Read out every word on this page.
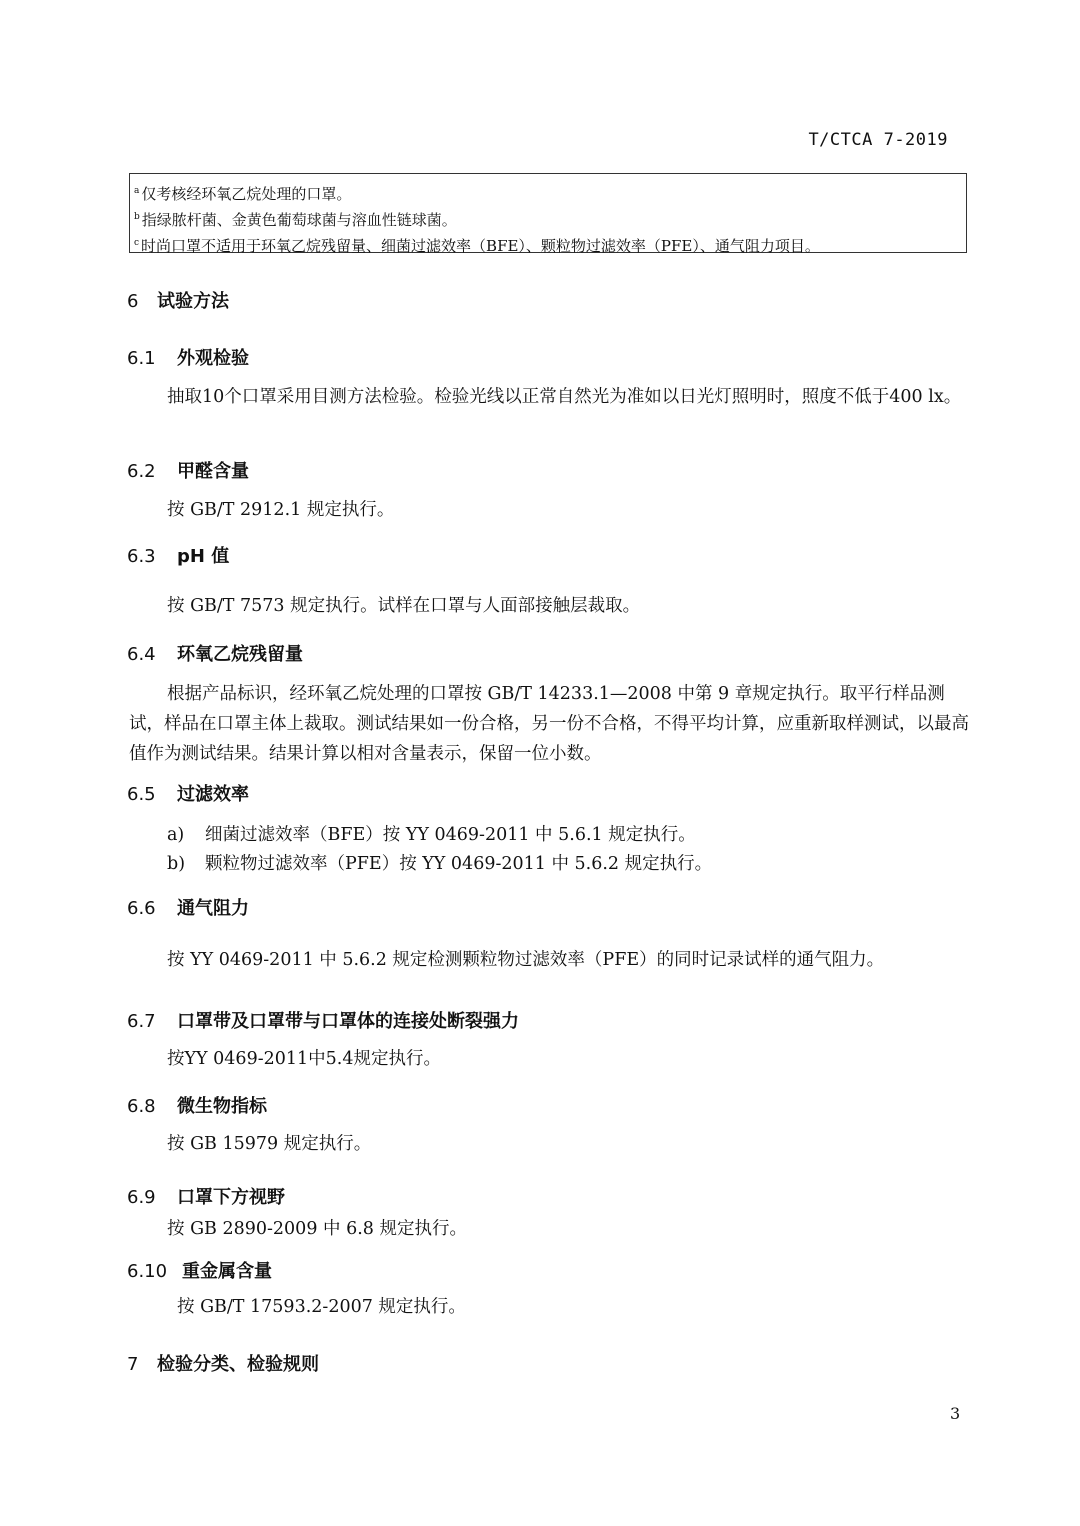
T/CTCA 7-2019
$^a$ 仅考核经环氧乙烷处理的口罩。
$^b$ 指绿脓杆菌、金黄色葡萄球菌与溶血性链球菌。
$^c$ 时尚口罩不适用于环氧乙烷残留量、细菌过滤效率（BFE）、颗粒物过滤效率（PFE）、通气阻力项目。
6 试验方法
6.1 外观检验
抽取10个口罩采用目测方法检验。检验光线以正常自然光为准如以日光灯照明时，照度不低于400 lx。
6.2 甲醛含量
按 GB/T 2912.1 规定执行。
6.3 pH 值
按 GB/T 7573 规定执行。试样在口罩与人面部接触层裁取。
6.4 环氧乙烷残留量
根据产品标识，经环氧乙烷处理的口罩按 GB/T 14233.1—2008 中第 9 章规定执行。取平行样品测试，样品在口罩主体上裁取。测试结果如一份合格，另一份不合格，不得平均计算，应重新取样测试，以最高值作为测试结果。结果计算以相对含量表示，保留一位小数。
6.5 过滤效率
a) 细菌过滤效率（BFE）按 YY 0469-2011 中 5.6.1 规定执行。
b) 颗粒物过滤效率（PFE）按 YY 0469-2011 中 5.6.2 规定执行。
6.6 通气阻力
按 YY 0469-2011 中 5.6.2 规定检测颗粒物过滤效率（PFE）的同时记录试样的通气阻力。
6.7 口罩带及口罩带与口罩体的连接处断裂强力
按YY 0469-2011中5.4规定执行。
6.8 微生物指标
按 GB 15979 规定执行。
6.9 口罩下方视野
按 GB 2890-2009 中 6.8 规定执行。
6.10 重金属含量
按 GB/T 17593.2-2007 规定执行。
7 检验分类、检验规则
3
